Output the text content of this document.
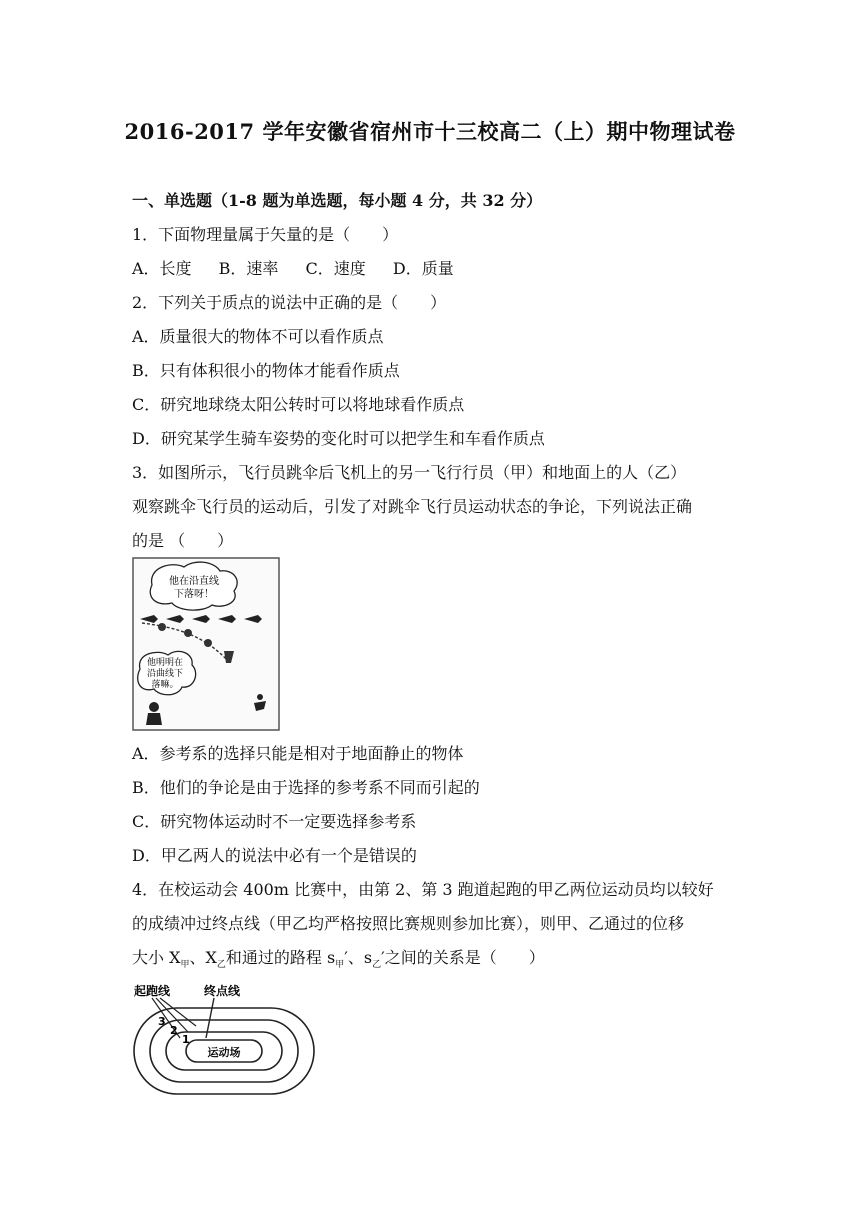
2016-2017 学年安徽省宿州市十三校高二（上）期中物理试卷
一、单选题（1-8 题为单选题，每小题 4 分，共 32 分）
1．下面物理量属于矢量的是（　　）
A．长度 B．速率 C．速度 D．质量
2．下列关于质点的说法中正确的是（　　）
A．质量很大的物体不可以看作质点
B．只有体积很小的物体才能看作质点
C．研究地球绕太阳公转时可以将地球看作质点
D．研究某学生骑车姿势的变化时可以把学生和车看作质点
3．如图所示，飞行员跳伞后飞机上的另一飞行行员（甲）和地面上的人（乙）
观察跳伞飞行员的运动后，引发了对跳伞飞行员运动状态的争论，下列说法正确
的是 （　　）
他在沿直线
下落呀！
他明明在
沿曲线下
落嘛。
A．参考系的选择只能是相对于地面静止的物体
B．他们的争论是由于选择的参考系不同而引起的
C．研究物体运动时不一定要选择参考系
D．甲乙两人的说法中必有一个是错误的
4．在校运动会 400m 比赛中，由第 2、第 3 跑道起跑的甲乙两位运动员均以较好
的成绩冲过终点线（甲乙均严格按照比赛规则参加比赛），则甲、乙通过的位移
大小 $X_甲$、$X_乙$和通过的路程 $s_甲'$、$s_乙'$之间的关系是（　　）
起跑线	终点线
运动场
3
2
1
